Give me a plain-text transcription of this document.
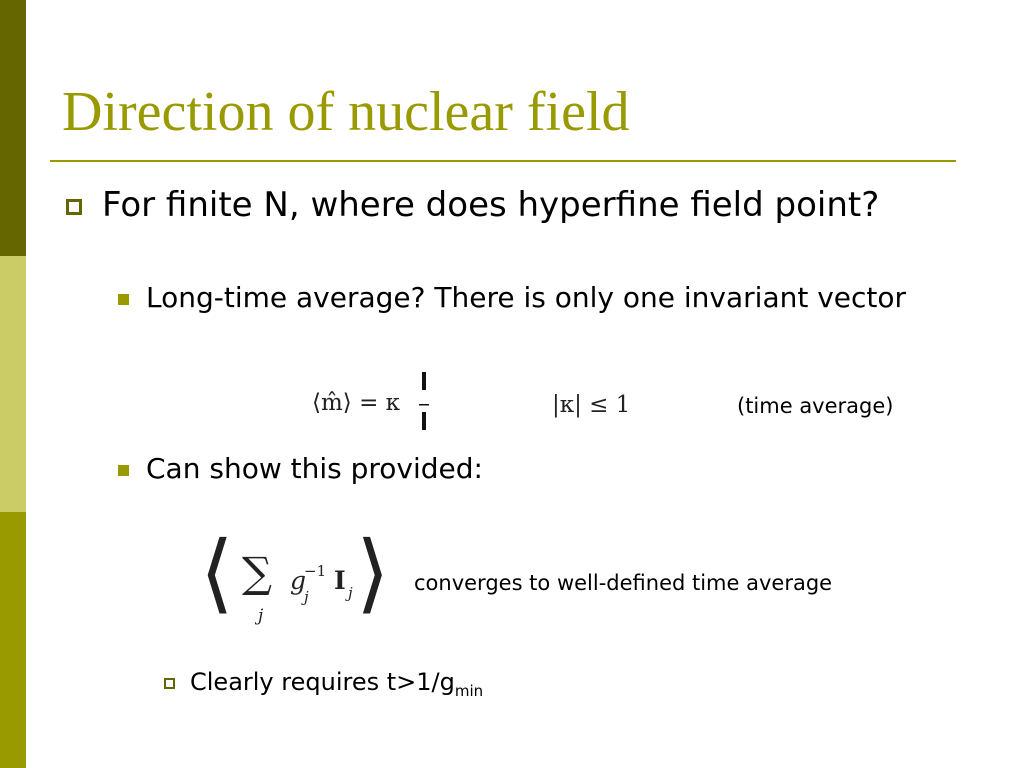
Direction of nuclear field
For finite N, where does hyperfine field point?
Long-time average? There is only one invariant vector
⟨m̂⟩ = κ	|κ| ≤ 1	(time average)
Can show this provided:
⟨ ∑
j
g
−1
j
I j ⟩ converges to well-defined time average
Clearly requires $t>1/g_{min}$
